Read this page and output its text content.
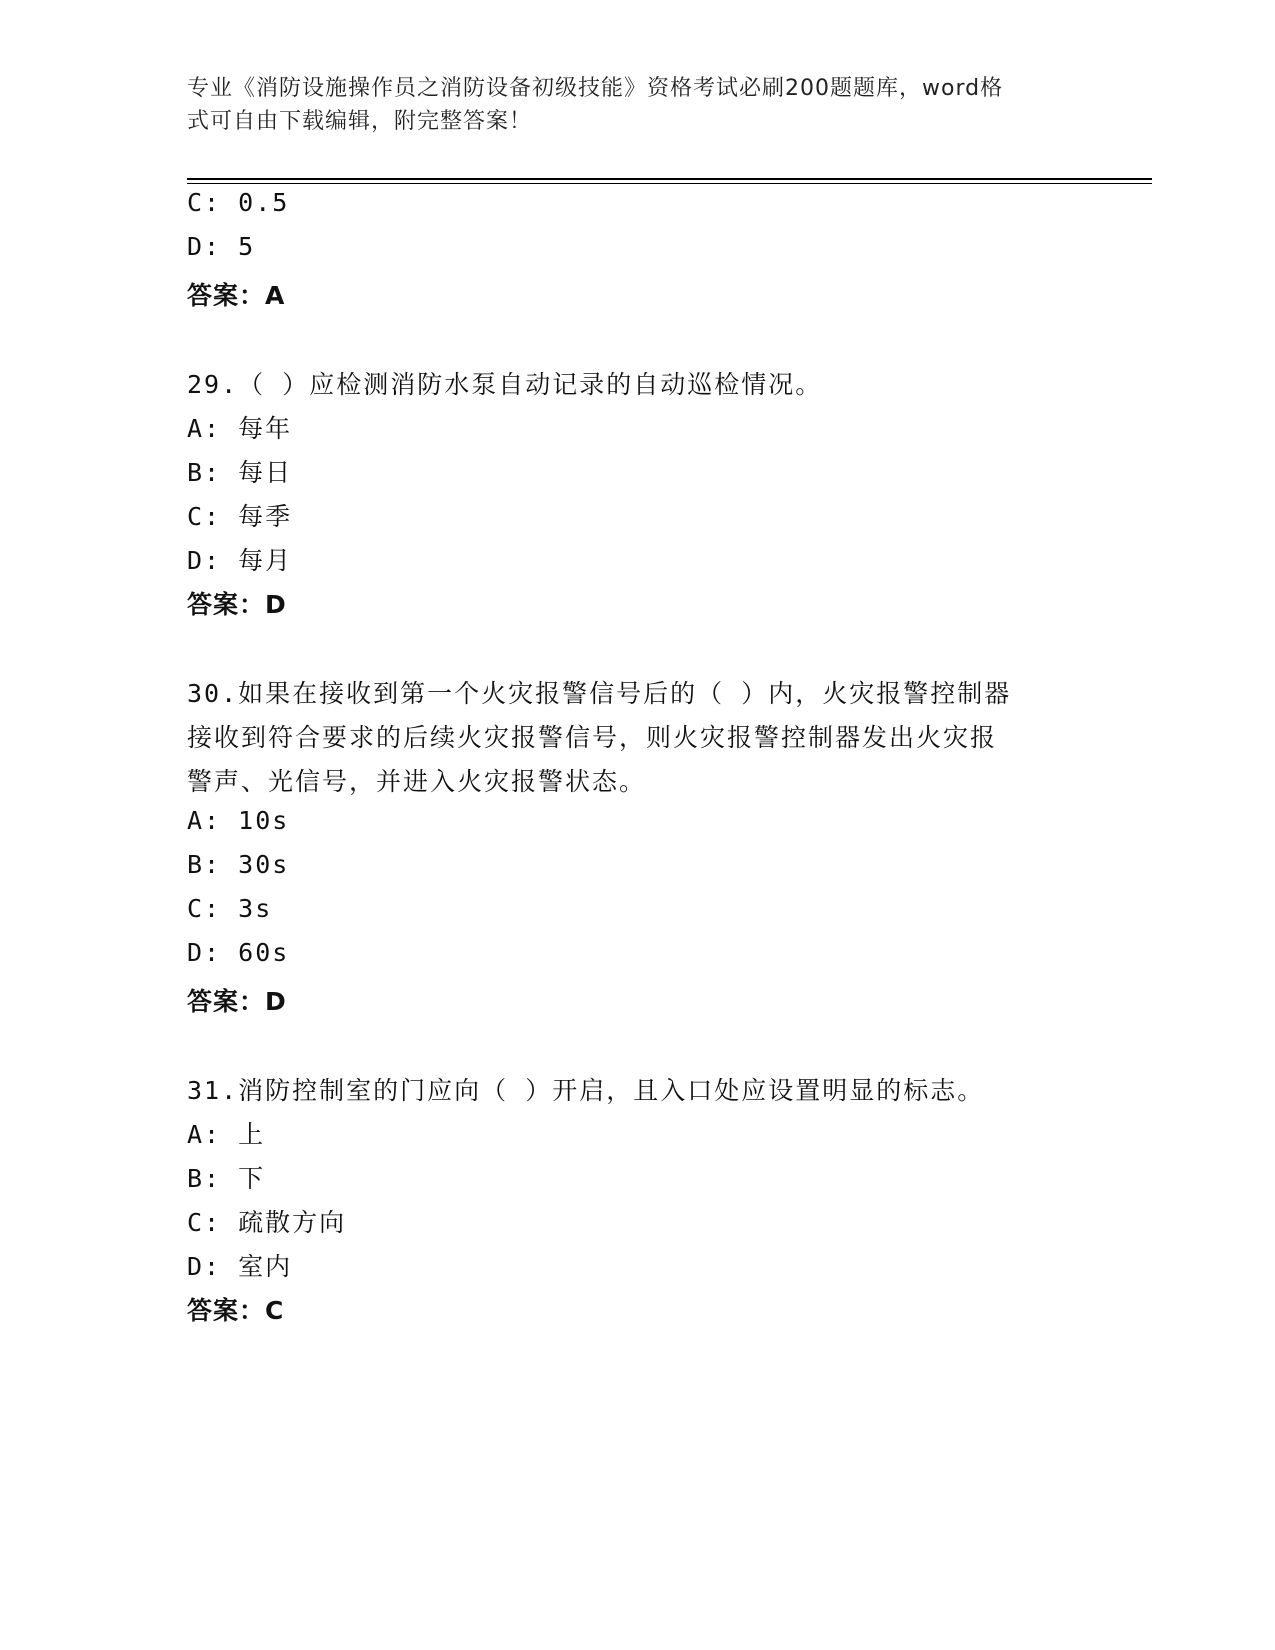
专业《消防设施操作员之消防设备初级技能》资格考试必刷200题题库，word格
式可自由下载编辑，附完整答案！
C: 0.5
D: 5
答案：A
29.（ ）应检测消防水泵自动记录的自动巡检情况。
A: 每年
B: 每日
C: 每季
D: 每月
答案：D
30.如果在接收到第一个火灾报警信号后的（ ）内，火灾报警控制器
接收到符合要求的后续火灾报警信号，则火灾报警控制器发出火灾报
警声、光信号，并进入火灾报警状态。
A: 10s
B: 30s
C: 3s
D: 60s
答案：D
31.消防控制室的门应向（ ）开启，且入口处应设置明显的标志。
A: 上
B: 下
C: 疏散方向
D: 室内
答案：C
